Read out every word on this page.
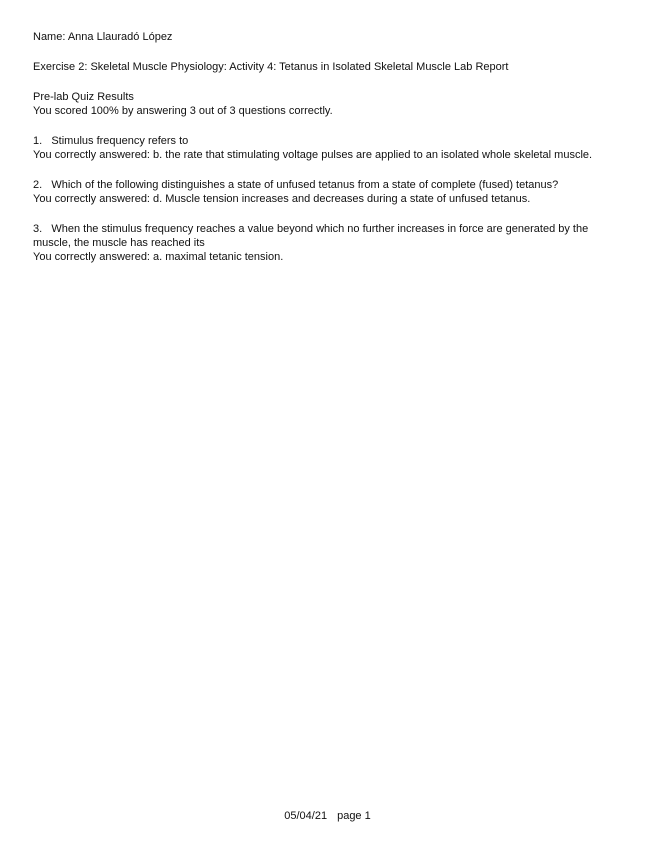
Name: Anna Llauradó López

Exercise 2: Skeletal Muscle Physiology: Activity 4: Tetanus in Isolated Skeletal Muscle Lab Report

Pre-lab Quiz Results

You scored 100% by answering 3 out of 3 questions correctly.

1.   Stimulus frequency refers to

You correctly answered: b. the rate that stimulating voltage pulses are applied to an isolated whole skeletal muscle.

2.   Which of the following distinguishes a state of unfused tetanus from a state of complete (fused) tetanus?

You correctly answered: d. Muscle tension increases and decreases during a state of unfused tetanus.

3.   When the stimulus frequency reaches a value beyond which no further increases in force are generated by the muscle, the muscle has reached its

You correctly answered: a. maximal tetanic tension.

05/04/21 page 1
